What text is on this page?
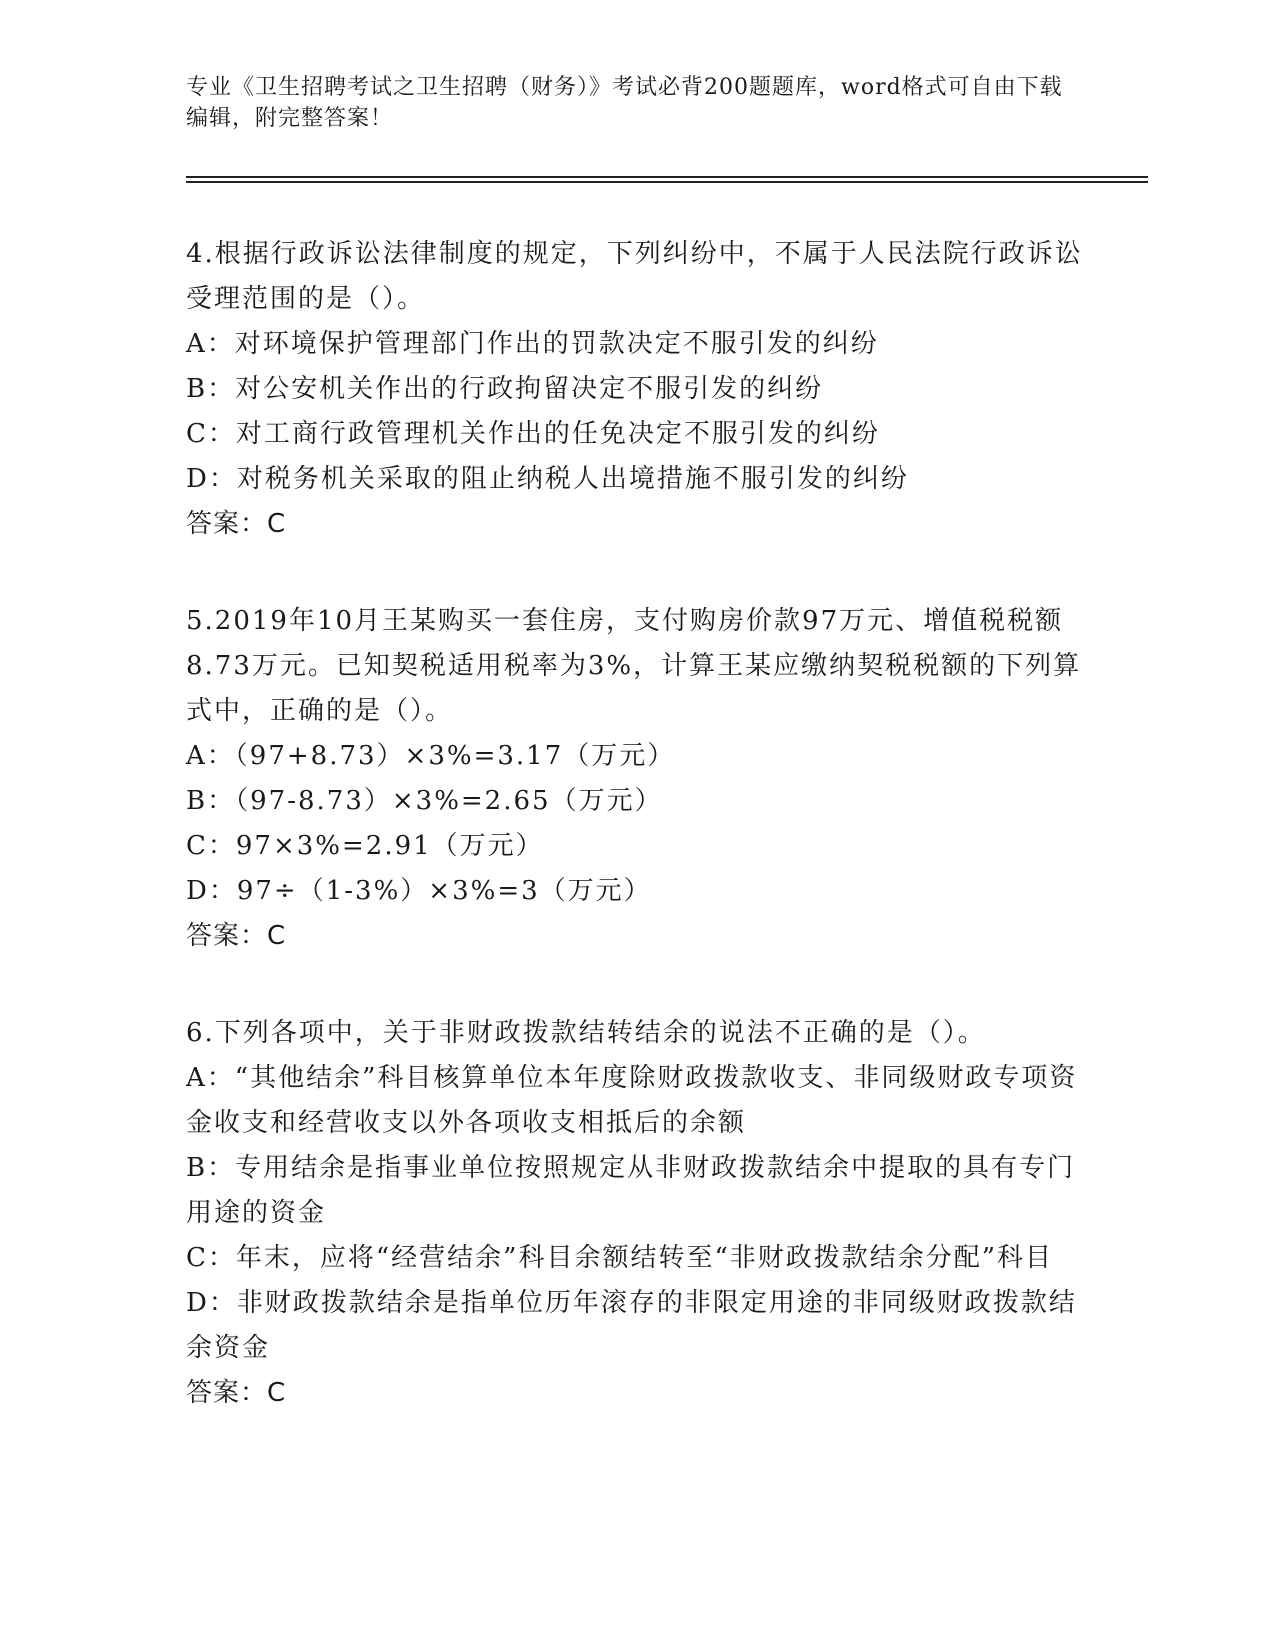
专业《卫生招聘考试之卫生招聘（财务）》考试必背200题题库，word格式可自由下载编辑，附完整答案！
4.根据行政诉讼法律制度的规定，下列纠纷中，不属于人民法院行政诉讼受理范围的是（）。
A：对环境保护管理部门作出的罚款决定不服引发的纠纷
B：对公安机关作出的行政拘留决定不服引发的纠纷
C：对工商行政管理机关作出的任免决定不服引发的纠纷
D：对税务机关采取的阻止纳税人出境措施不服引发的纠纷
答案：C
5.2019年10月王某购买一套住房，支付购房价款97万元、增值税税额8.73万元。已知契税适用税率为3%，计算王某应缴纳契税税额的下列算式中，正确的是（）。
A：（97+8.73）×3%=3.17（万元）
B：（97-8.73）×3%=2.65（万元）
C：97×3%=2.91（万元）
D：97÷（1-3%）×3%=3（万元）
答案：C
6.下列各项中，关于非财政拨款结转结余的说法不正确的是（）。
A：“其他结余”科目核算单位本年度除财政拨款收支、非同级财政专项资金收支和经营收支以外各项收支相抵后的余额
B：专用结余是指事业单位按照规定从非财政拨款结余中提取的具有专门用途的资金
C：年末，应将“经营结余”科目余额结转至“非财政拨款结余分配”科目
D：非财政拨款结余是指单位历年滚存的非限定用途的非同级财政拨款结余资金
答案：C
